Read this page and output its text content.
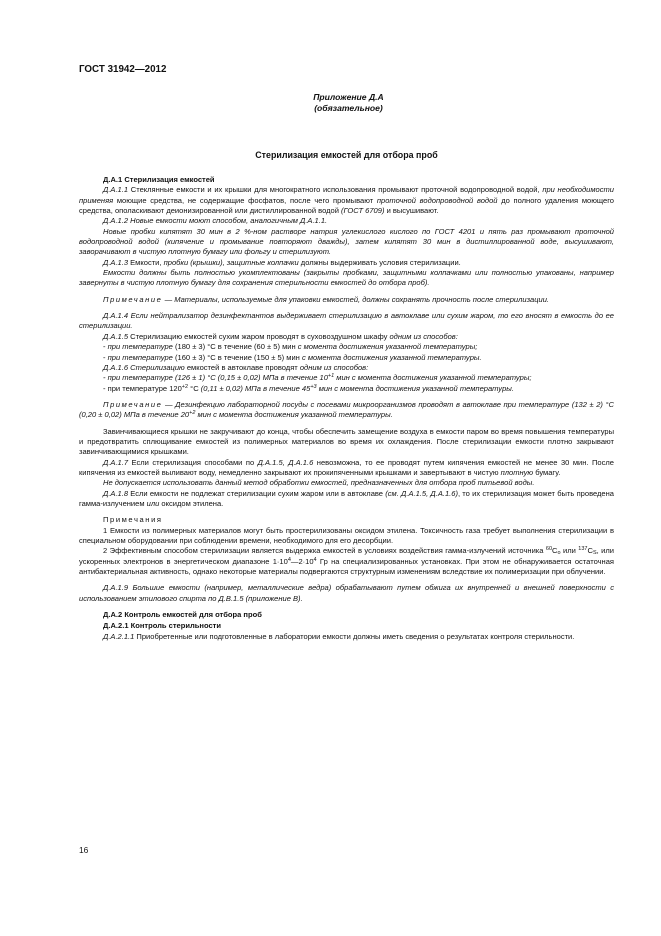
ГОСТ 31942—2012
Приложение Д.А
(обязательное)
Стерилизация емкостей для отбора проб

Д.А.1 Стерилизация емкостей

Д.А.1.1 Стеклянные емкости и их крышки для многократного использования промывают проточной водопроводной водой, при необходимости применяя моющие средства, не содержащие фосфатов, после чего промывают проточной водопроводной водой до полного удаления моющего средства, ополаскивают деионизированной или дистиллированной водой (ГОСТ 6709) и высушивают.

Д.А.1.2 Новые емкости моют способом, аналогичным Д.А.1.1.

Новые пробки кипятят 30 мин в 2 %-ном растворе натрия углекислого кислого по ГОСТ 4201 и пять раз промывают проточной водопроводной водой (кипячение и промывание повторяют дважды), затем кипятят 30 мин в дистиллированной воде, высушивают, заворачивают в чистую плотную бумагу или фольгу и стерилизуют.

Д.А.1.3 Емкости, пробки (крышки), защитные колпачки должны выдерживать условия стерилизации.

Емкости должны быть полностью укомплектованы (закрыты пробками, защитными колпачками или полностью упакованы, например завернуты в чистую плотную бумагу для сохранения стерильности емкостей до отбора проб).

Примечание — Материалы, используемые для упаковки емкостей, должны сохранять прочность после стерилизации.

Д.А.1.4 Если нейтрализатор дезинфектантов выдерживает стерилизацию в автоклаве или сухим жаром, то его вносят в емкость до ее стерилизации.

Д.А.1.5 Стерилизацию емкостей сухим жаром проводят в суховоздушном шкафу одним из способов:

- при температуре (180 ± 3) °С в течение (60 ± 5) мин с момента достижения указанной температуры;

- при температуре (160 ± 3) °С в течение (150 ± 5) мин с момента достижения указанной температуры.

Д.А.1.6 Стерилизацию емкостей в автоклаве проводят одним из способов:

- при температуре (126 ± 1) °С (0,15 ± 0,02) МПа в течение $10^{+1}$ мин с момента достижения указанной температуры;

- при температуре $120^{+2}$ °С (0,11 ± 0,02) МПа в течение $45^{+3}$ мин с момента достижения указанной температуры.

Примечание — Дезинфекцию лабораторной посуды с посевами микроорганизмов проводят в автоклаве при температуре (132 ± 2) °С (0,20 ± 0,02) МПа в течение $20^{+2}$ мин с момента достижения указанной температуры.

Завинчивающиеся крышки не закручивают до конца, чтобы обеспечить замещение воздуха в емкости паром во время повышения температуры и предотвратить сплющивание емкостей из полимерных материалов во время их охлаждения. После стерилизации емкости плотно закрывают завинчивающимися крышками.

Д.А.1.7 Если стерилизация способами по Д.А.1.5, Д.А.1.6 невозможна, то ее проводят путем кипячения емкостей не менее 30 мин. После кипячения из емкостей выливают воду, немедленно закрывают их прокипяченными крышками и завертывают в чистую плотную бумагу.

Не допускается использовать данный метод обработки емкостей, предназначенных для отбора проб питьевой воды.

Д.А.1.8 Если емкости не подлежат стерилизации сухим жаром или в автоклаве (см. Д.А.1.5, Д.А.1.6), то их стерилизация может быть проведена гамма-излучением или оксидом этилена.

Примечания

1 Емкости из полимерных материалов могут быть простерилизованы оксидом этилена. Токсичность газа требует выполнения стерилизации в специальном оборудовании при соблюдении времени, необходимого для его десорбции.

2 Эффективным способом стерилизации является выдержка емкостей в условиях воздействия гамма-излучений источника $^{60}C_o$ или $^{137}C_S$, или ускоренных электронов в энергетическом диапазоне $1\cdot 10^4—2\cdot 10^4$ Гр на специализированных установках. При этом не обнаруживается остаточная антибактериальная активность, однако некоторые материалы подвергаются структурным изменениям вследствие их полимеризации при облучении.

Д.А.1.9 Большие емкости (например, металлические ведра) обрабатывают путем обжига их внутренней и внешней поверхности с использованием этилового спирта по Д.В.1.5 (приложение В).

Д.А.2 Контроль емкостей для отбора проб

Д.А.2.1 Контроль стерильности

Д.А.2.1.1 Приобретенные или подготовленные в лаборатории емкости должны иметь сведения о результатах контроля стерильности.

16
